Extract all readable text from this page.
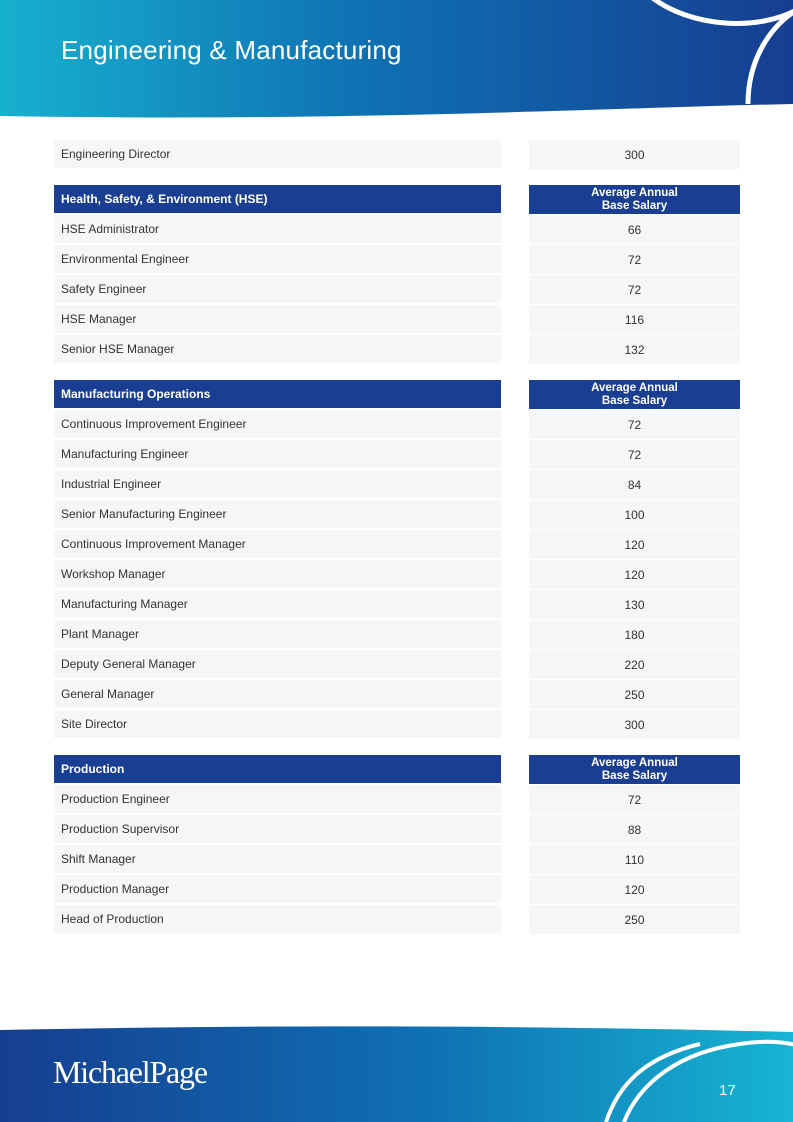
Engineering & Manufacturing
Engineering Director	300
Health, Safety, & Environment (HSE)	Average Annual
Base Salary
HSE Administrator	66
Environmental Engineer	72
Safety Engineer	72
HSE Manager	116
Senior HSE Manager	132
Manufacturing Operations	Average Annual
Base Salary
Continuous Improvement Engineer	72
Manufacturing Engineer	72
Industrial Engineer	84
Senior Manufacturing Engineer	100
Continuous Improvement Manager	120
Workshop Manager	120
Manufacturing Manager	130
Plant Manager	180
Deputy General Manager	220
General Manager	250
Site Director	300
Production	Average Annual
Base Salary
Production Engineer	72
Production Supervisor	88
Shift Manager	110
Production Manager	120
Head of Production	250
MichaelPage
17
